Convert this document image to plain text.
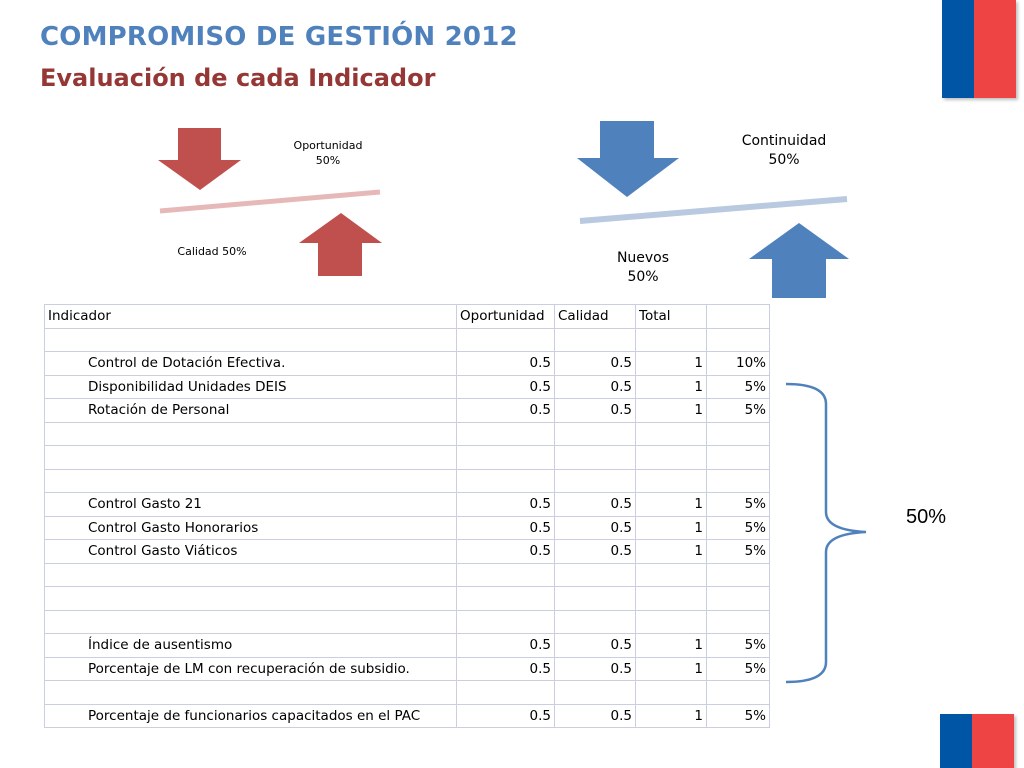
COMPROMISO DE GESTIÓN 2012
Evaluación de cada Indicador
Oportunidad
50%
Calidad 50%
Continuidad
50%
Nuevos
50%
Indicador	Oportunidad	Calidad	Total	

Control de Dotación Efectiva.	0.5	0.5	1	10%
Disponibilidad Unidades DEIS	0.5	0.5	1	5%
Rotación de Personal	0.5	0.5	1	5%

Control Gasto 21	0.5	0.5	1	5%
Control Gasto Honorarios	0.5	0.5	1	5%
Control Gasto Viáticos	0.5	0.5	1	5%

Índice de ausentismo	0.5	0.5	1	5%
Porcentaje de LM con recuperación de subsidio.	0.5	0.5	1	5%

Porcentaje de funcionarios capacitados en el PAC	0.5	0.5	1	5%
50%
